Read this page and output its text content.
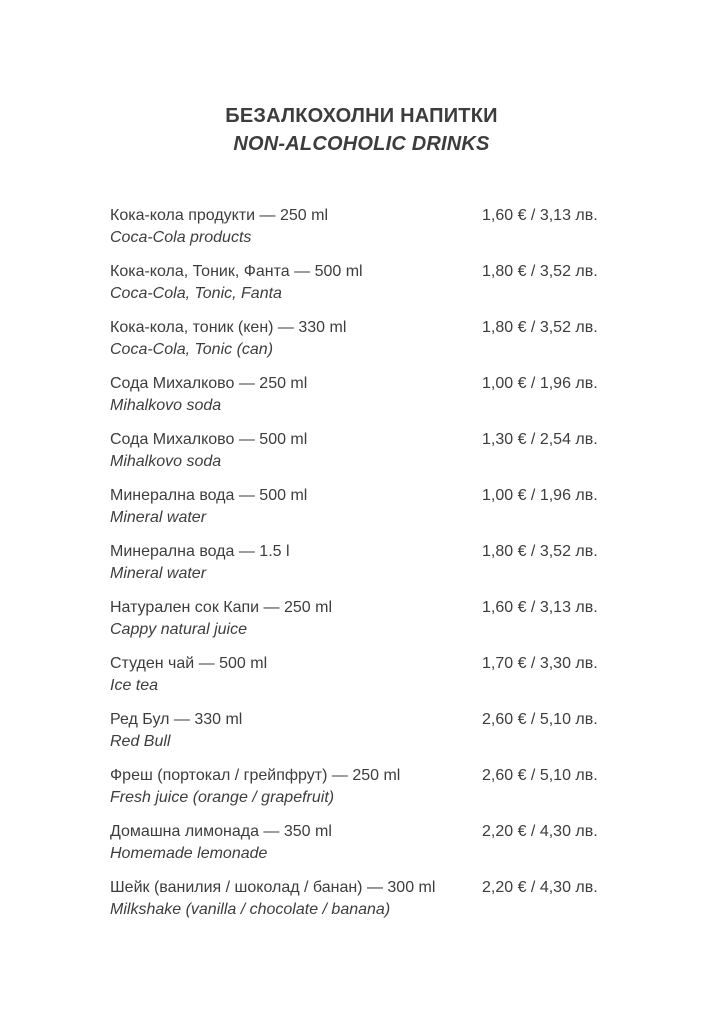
БЕЗАЛКОХОЛНИ НАПИТКИ
NON-ALCOHOLIC DRINKS
Кока-кола продукти — 250 ml
Coca-Cola products
1,60 € / 3,13 лв.
Кока-кола, Тоник, Фанта — 500 ml
Coca-Cola, Tonic, Fanta
1,80 € / 3,52 лв.
Кока-кола, тоник (кен) — 330 ml
Coca-Cola, Tonic (can)
1,80 € / 3,52 лв.
Сода Михалково — 250 ml
Mihalkovo soda
1,00 € / 1,96 лв.
Сода Михалково — 500 ml
Mihalkovo soda
1,30 € / 2,54 лв.
Минерална вода — 500 ml
Mineral water
1,00 € / 1,96 лв.
Минерална вода — 1.5 l
Mineral water
1,80 € / 3,52 лв.
Натурален сок Капи — 250 ml
Cappy natural juice
1,60 € / 3,13 лв.
Студен чай — 500 ml
Ice tea
1,70 € / 3,30 лв.
Ред Бул — 330 ml
Red Bull
2,60 € / 5,10 лв.
Фреш (портокал / грейпфрут) — 250 ml
Fresh juice (orange / grapefruit)
2,60 € / 5,10 лв.
Домашна лимонада — 350 ml
Homemade lemonade
2,20 € / 4,30 лв.
Шейк (ванилия / шоколад / банан) — 300 ml
Milkshake (vanilla / chocolate / banana)
2,20 € / 4,30 лв.
